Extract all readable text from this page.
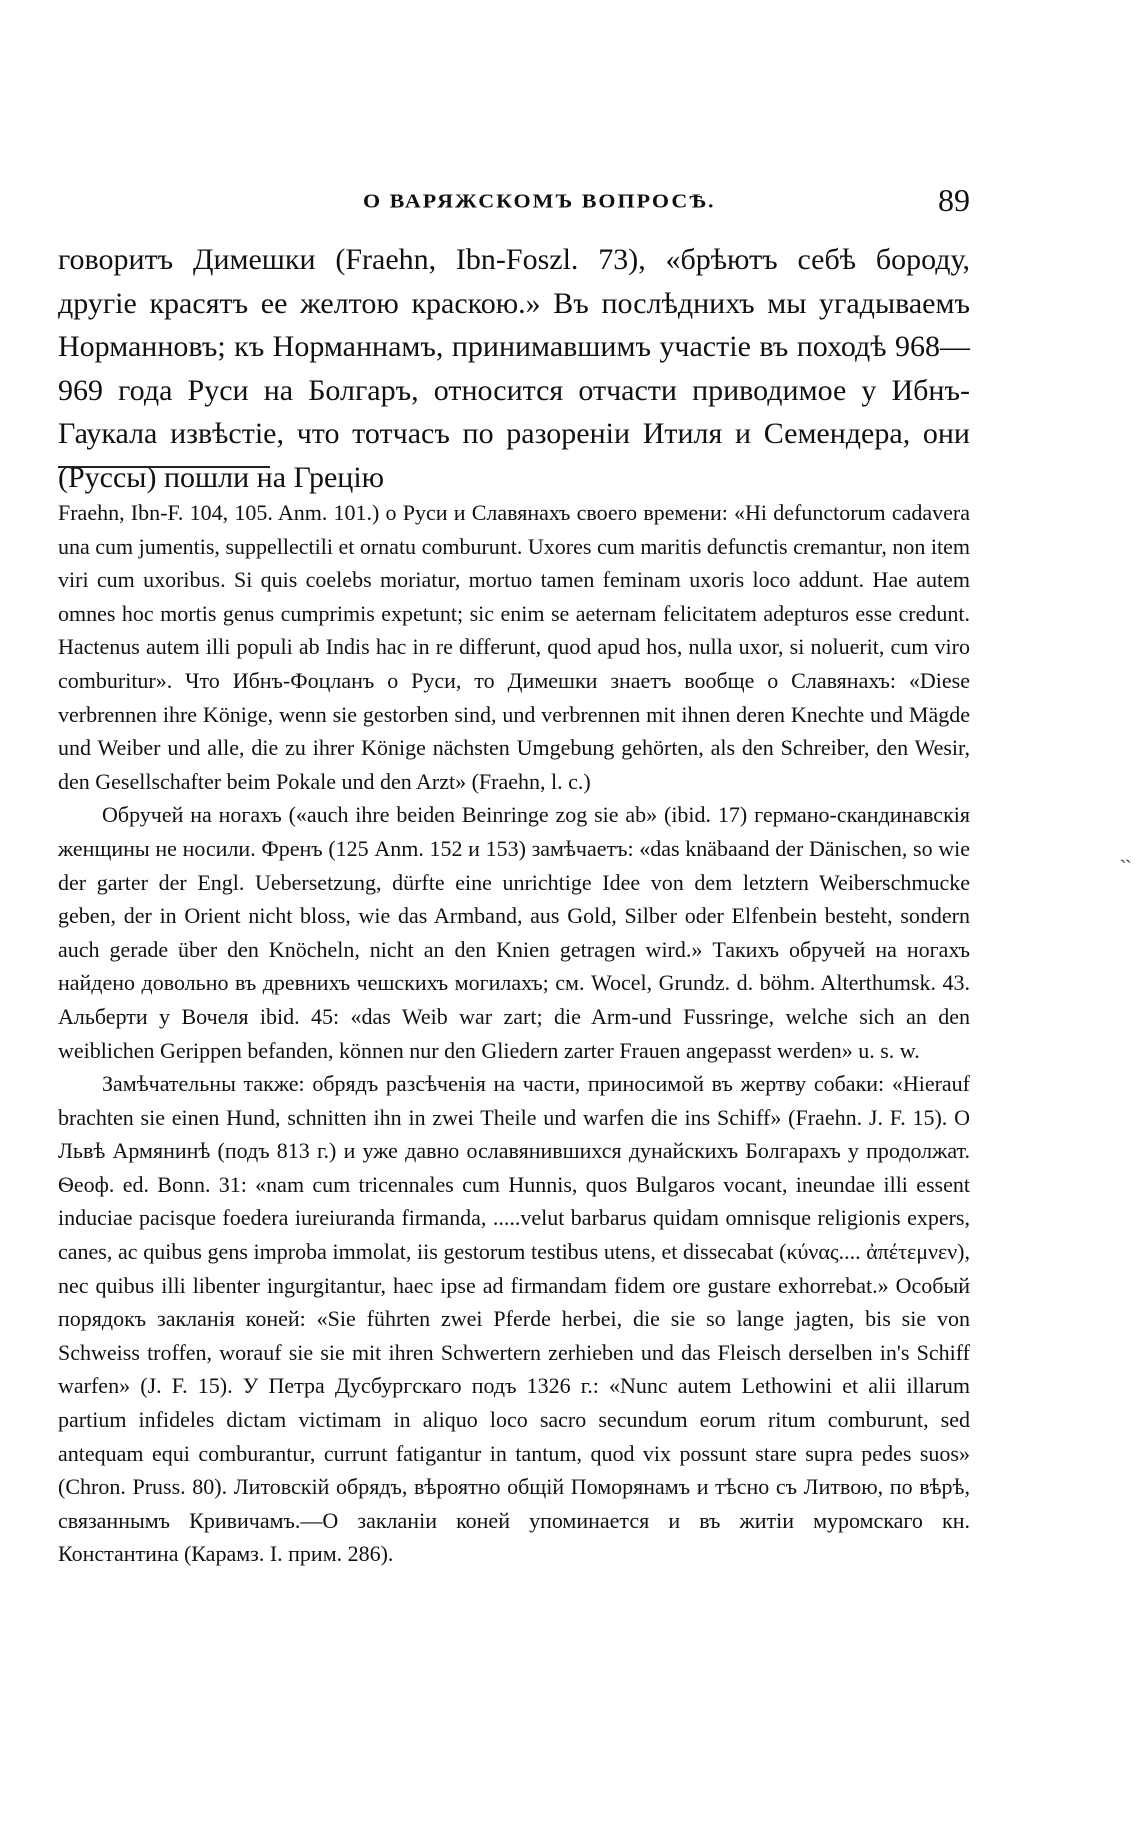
О ВАРЯЖСКОМЪ ВОПРОСѢ.	89

говоритъ Димешки (Fraehn, Ibn-Foszl. 73), «брѣютъ себѣ бороду, другіе красятъ ее желтою краскою.» Въ послѣднихъ мы угадываемъ Норманновъ; къ Норманнамъ, принимавшимъ участіе въ походѣ 968—969 года Руси на Болгаръ, относится отчасти приводимое у Ибнъ-Гаукала извѣстіе, что тотчасъ по разореніи Итиля и Семендера, они (Руссы) пошли на Грецію

Fraehn, Ibn-F. 104, 105. Anm. 101.) о Руси и Славянахъ своего времени: «Hi defunctorum cadavera una cum jumentis, suppellectili et ornatu comburunt. Uxores cum maritis defunctis cremantur, non item viri cum uxoribus. Si quis coelebs moriatur, mortuo tamen feminam uxoris loco addunt. Hae autem omnes hoc mortis genus cumprimis expetunt; sic enim se aeternam felicitatem adepturos esse credunt. Hactenus autem illi populi ab Indis hac in re differunt, quod apud hos, nulla uxor, si noluerit, cum viro comburitur». Что Ибнъ-Фоцланъ о Руси, то Димешки знаетъ вообще о Славянахъ: «Diese verbrennen ihre Könige, wenn sie gestorben sind, und verbrennen mit ihnen deren Knechte und Mägde und Weiber und alle, die zu ihrer Könige nächsten Umgebung gehörten, als den Schreiber, den Wesir, den Gesellschafter beim Pokale und den Arzt» (Fraehn, l. c.)

Обручей на ногахъ («auch ihre beiden Beinringe zog sie ab» (ibid. 17) германо-скандинавскія женщины не носили. Френъ (125 Anm. 152 и 153) замѣчаетъ: «das knäbaand der Dänischen, so wie der garter der Engl. Uebersetzung, dürfte eine unrichtige Idee von dem letztern Weiberschmucke geben, der in Orient nicht bloss, wie das Armband, aus Gold, Silber oder Elfenbein besteht, sondern auch gerade über den Knöcheln, nicht an den Knien getragen wird.» Такихъ обручей на ногахъ найдено довольно въ древнихъ чешскихъ могилахъ; см. Wocel, Grundz. d. böhm. Alterthumsk. 43. Альберти у Вочеля ibid. 45: «das Weib war zart; die Arm-und Fussringe, welche sich an den weiblichen Gerippen befanden, können nur den Gliedern zarter Frauen angepasst werden» u. s. w.

Замѣчательны также: обрядъ разсѣченія на части, приносимой въ жертву собаки: «Hierauf brachten sie einen Hund, schnitten ihn in zwei Theile und warfen die ins Schiff» (Fraehn. J. F. 15). О Львѣ Армянинѣ (подъ 813 г.) и уже давно ославянившихся дунайскихъ Болгарахъ у продолжат. Ѳеоф. ed. Bonn. 31: «nam cum tricennales cum Hunnis, quos Bulgaros vocant, ineundae illi essent induciae pacisque foedera iureiuranda firmanda, .....velut barbarus quidam omnisque religionis expers, canes, ac quibus gens improba immolat, iis gestorum testibus utens, et dissecabat (κύνας.... ἀπέτεμνεν), nec quibus illi libenter ingurgitantur, haec ipse ad firmandam fidem ore gustare exhorrebat.» Особый порядокъ закланія коней: «Sie führten zwei Pferde herbei, die sie so lange jagten, bis sie von Schweiss troffen, worauf sie sie mit ihren Schwertern zerhieben und das Fleisch derselben in's Schiff warfen» (J. F. 15). У Петра Дусбургскаго подъ 1326 г.: «Nunc autem Lethowini et alii illarum partium infideles dictam victimam in aliquo loco sacro secundum eorum ritum comburunt, sed antequam equi comburantur, currunt fatigantur in tantum, quod vix possunt stare supra pedes suos» (Chron. Pruss. 80). Литовскій обрядъ, вѣроятно общій Поморянамъ и тѣсно съ Литвою, по вѣрѣ, связаннымъ Кривичамъ.—О закланіи коней упоминается и въ житіи муромскаго кн. Константина (Карамз. I. прим. 286).

ˏˏ
